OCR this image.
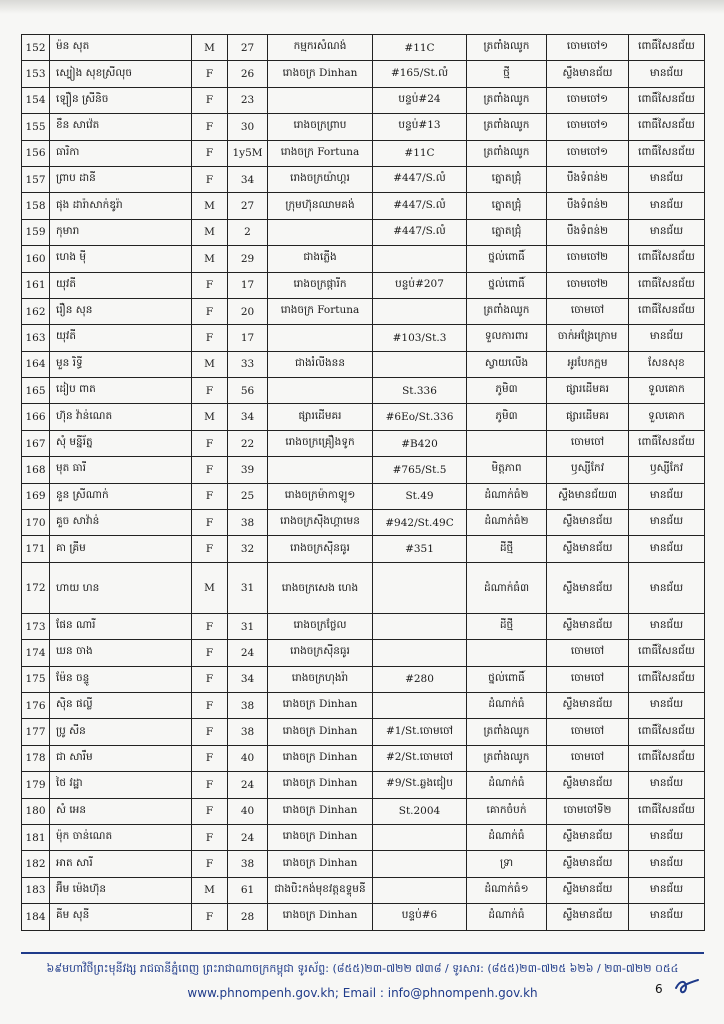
152	ម៉ន សុត	M	27	កម្មករសំណង់	#11C	ត្រពាំងឈូក	ចោមចៅ១	ពោធិ៍សែនជ័យ
153	ស្បៀង សុខស្រីលុច	F	26	រោងចក្រ Dinhan	#165/St.លំ	ថ្មី	ស្ទឹងមានជ័យ	មានជ័យ
154	ឡឿន ស្រីនិច	F	23		បន្ទប់#24	ត្រពាំងឈូក	ចោមចៅ១	ពោធិ៍សែនជ័យ
155	ខឹន សាវ៉េត	F	30	រោងចក្រព្រាប	បន្ទប់#13	ត្រពាំងឈូក	ចោមចៅ១	ពោធិ៍សែនជ័យ
156	ធារិកា	F	1y5M	រោងចក្រ Fortuna	#11C	ត្រពាំងឈូក	ចោមចៅ១	ពោធិ៍សែនជ័យ
157	ព្រាប ដានី	F	34	រោងចក្រយ៉ាហ្គរ	#447/S.លំ	ត្នោតជ្រុំ	បឹងទំពន់២	មានជ័យ
158	ផុង ដារ៉ាសាក់ឌូរ៉ា	M	27	ក្រុមហ៊ុនឈាមគង់	#447/S.លំ	ត្នោតជ្រុំ	បឹងទំពន់២	មានជ័យ
159	កុមារា	M	2		#447/S.លំ	ត្នោតជ្រុំ	បឹងទំពន់២	មានជ័យ
160	ហេង ម៉ី	M	29	ជាងភ្លើង		ថ្នល់ពោធិ៍	ចោមចៅ២	ពោធិ៍សែនជ័យ
161	យុវតី	F	17	រោងចក្រផ្ការីក	បន្ទប់#207	ថ្នល់ពោធិ៍	ចោមចៅ២	ពោធិ៍សែនជ័យ
162	រឿន សុន	F	20	រោងចក្រ Fortuna		ត្រពាំងឈូក	ចោមចៅ	ពោធិ៍សែនជ័យ
163	យុវតី	F	17		#103/St.3	ទួលការពារ	ចាក់អង្រែក្រោម	មានជ័យ
164	មួន រិទ្ធី	M	33	ជាងរំលីងនន		ស្វាយលើង	អូរបែកក្អម	សែនសុខ
165	ដៀប ពាត	F	56		St.336	ភូមិ៣	ផ្សារដើមគរ	ទួលគោក
166	ហ៊ុន វ៉ាន់ណេត	M	34	ផ្សារដើមគរ	#6Eo/St.336	ភូមិ៣	ផ្សារដើមគរ	ទួលគោក
167	សុំ មន្នីរ័ត្ន	F	22	រោងចក្រគ្រឿងទូក	#B420		ចោមចៅ	ពោធិ៍សែនជ័យ
168	មុត ធារី	F	39		#765/St.5	មិត្តភាព	ឫស្សីកែវ	ឫស្សីកែវ
169	នួន ស្រីណាក់	F	25	រោងចក្រម៉ាកាឡូ១	St.49	ដំណាក់ធំ២	ស្ទឹងមានជ័យ៣	មានជ័យ
170	គួច សាវ៉ាន់	F	38	រោងចក្រស៊ីងហ្គាមេន	#942/St.49C	ដំណាក់ធំ២	ស្ទឹងមានជ័យ	មានជ័យ
171	គា គ្រីម	F	32	រោងចក្រស៊ីនធូរ	#351	ដីថ្មី	ស្ទឹងមានជ័យ	មានជ័យ
172	ហាយ ហន	M	31	រោងចក្រសេង ហេង		ដំណាក់ធំ៣	ស្ទឹងមានជ័យ	មានជ័យ
173	ផែន ណារី	F	31	រោងចក្រថ្លែល		ដីថ្មី	ស្ទឹងមានជ័យ	មានជ័យ
174	ឃន ចាង	F	24	រោងចក្រស៊ីនធូរ			ចោមចៅ	ពោធិ៍សែនជ័យ
175	ម៉ែន ចន្ទូ	F	34	រោងចក្រហុងរ៉ា	#280	ថ្នល់ពោធិ៍	ចោមចៅ	ពោធិ៍សែនជ័យ
176	ស៊ិន ផល្លី	F	38	រោងចក្រ Dinhan		ដំណាក់ធំ	ស្ទឹងមានជ័យ	មានជ័យ
177	ប្រូ សីន	F	38	រោងចក្រ Dinhan	#1/St.ចោមចៅ	ត្រពាំងឈូក	ចោមចៅ	ពោធិ៍សែនជ័យ
178	ជា សារឹម	F	40	រោងចក្រ Dinhan	#2/St.ចោមចៅ	ត្រពាំងឈូក	ចោមចៅ	ពោធិ៍សែនជ័យ
179	ថៃ វដ្ឋា	F	24	រោងចក្រ Dinhan	#9/St.ឆ្លងជៀប	ដំណាក់ធំ	ស្ទឹងមានជ័យ	មានជ័យ
180	សំ អេន	F	40	រោងចក្រ Dinhan	St.2004	គោកចំបក់	ចោមចៅទី២	ពោធិ៍សែនជ័យ
181	ម៉ុក ចាន់ណេត	F	24	រោងចក្រ Dinhan		ដំណាក់ធំ	ស្ទឹងមានជ័យ	មានជ័យ
182	អាត សារី	F	38	រោងចក្រ Dinhan		ទ្រា	ស្ទឹងមានជ័យ	មានជ័យ
183	អ៊ឹម ម៉េងហ៊ុន	M	61	ជាងបិះកង់មុខវត្តឧទ្ទុមនី		ដំណាក់ធំ១	ស្ទឹងមានជ័យ	មានជ័យ
184	គីម សុនី	F	28	រោងចក្រ Dinhan	បន្ទប់#6	ដំណាក់ធំ	ស្ទឹងមានជ័យ	មានជ័យ
៦៩មហាវិថីព្រះមុនីវង្ស រាជធានីភ្នំពេញ ព្រះរាជាណាចក្រកម្ពុជា ទូរស័ព្ទ: (៨៥៥)២៣-៧២២ ៧៣៨ / ទូរសារ: (៨៥៥)២៣-៧២៥ ៦២៦ / ២៣-៧២២ ០៥៤
www.phnompenh.gov.kh; Email : info@phnompenh.gov.kh	6
